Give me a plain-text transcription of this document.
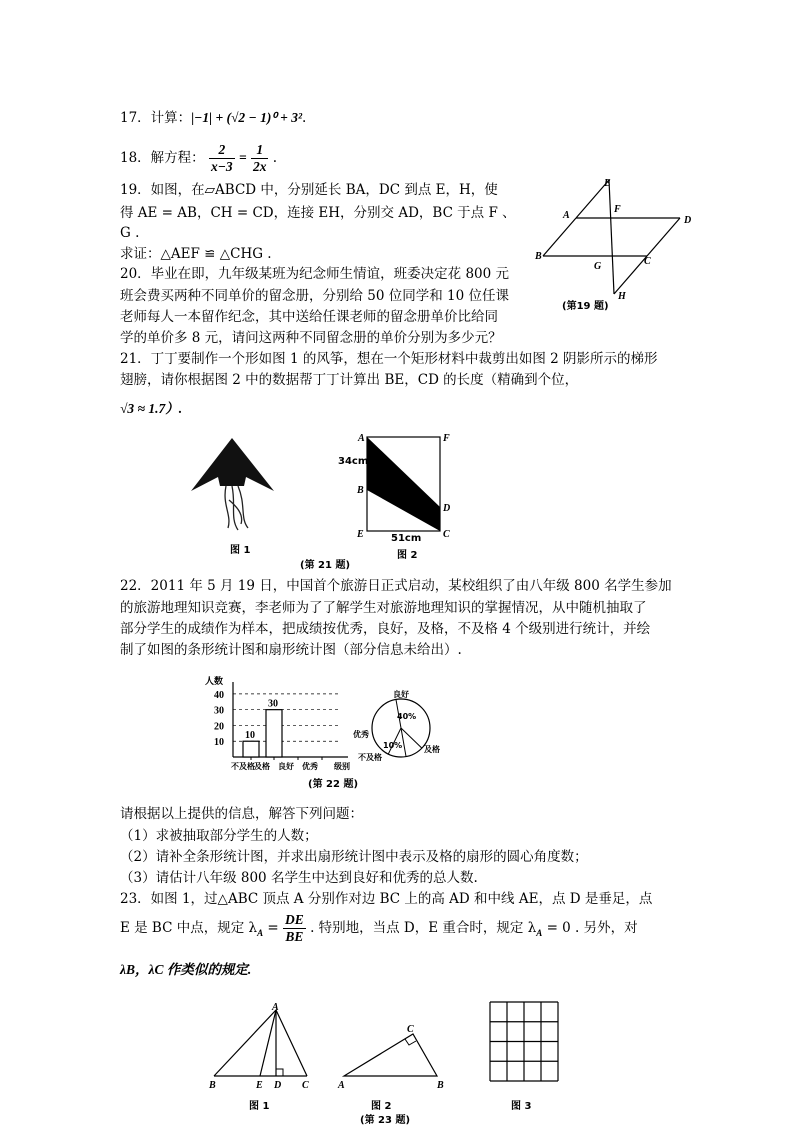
17．计算：|−1| + (√2 − 1)⁰ + 3².
18．解方程： $\frac{2}{x-3} = \frac{1}{2x}$ .
19．如图，在▱ABCD 中，分别延长 BA，DC 到点 E，H，使
得 AE = AB，CH = CD，连接 EH，分别交 AD，BC 于点 F 、
G .
求证：△AEF ≌ △CHG .
E
A
F
D
B
G	C
H
(第19 题)
20．毕业在即，九年级某班为纪念师生情谊，班委决定花 800 元
班会费买两种不同单价的留念册，分别给 50 位同学和 10 位任课
老师每人一本留作纪念，其中送给任课老师的留念册单价比给同
学的单价多 8 元，请问这两种不同留念册的单价分别为多少元？
21．丁丁要制作一个形如图 1 的风筝，想在一个矩形材料中裁剪出如图 2 阴影所示的梯形
翅膀，请你根据图 2 中的数据帮丁丁计算出 BE，CD 的长度（精确到个位，
√3 ≈ 1.7）.
A	F
B
D
E	C
34cm
51cm
图 1	图 2
(第 21 题)
22．2011 年 5 月 19 日，中国首个旅游日正式启动，某校组织了由八年级 800 名学生参加
的旅游地理知识竞赛，李老师为了了解学生对旅游地理知识的掌握情况，从中随机抽取了
部分学生的成绩作为样本，把成绩按优秀，良好，及格，不及格 4 个级别进行统计，并绘
制了如图的条形统计图和扇形统计图（部分信息未给出）.
人数
10
20
30
40
不及格 及格 良好 优秀 级别
10
30
良好
40%
优秀
不及格
10%	及格
(第 22 题)
请根据以上提供的信息，解答下列问题：
（1）求被抽取部分学生的人数；
（2）请补全条形统计图，并求出扇形统计图中表示及格的扇形的圆心角度数；
（3）请估计八年级 800 名学生中达到良好和优秀的总人数.
23．如图 1，过△ABC 顶点 A 分别作对边 BC 上的高 AD 和中线 AE，点 D 是垂足，点
E 是 BC 中点，规定 $\lambda_A = \frac{DE}{BE}$ . 特别地，当点 D，E 重合时，规定 $\lambda_A = 0$ . 另外，对
λB，λC 作类似的规定.
A
B	E D C
C
A	B
图 1	图 2	图 3
(第 23 题)
